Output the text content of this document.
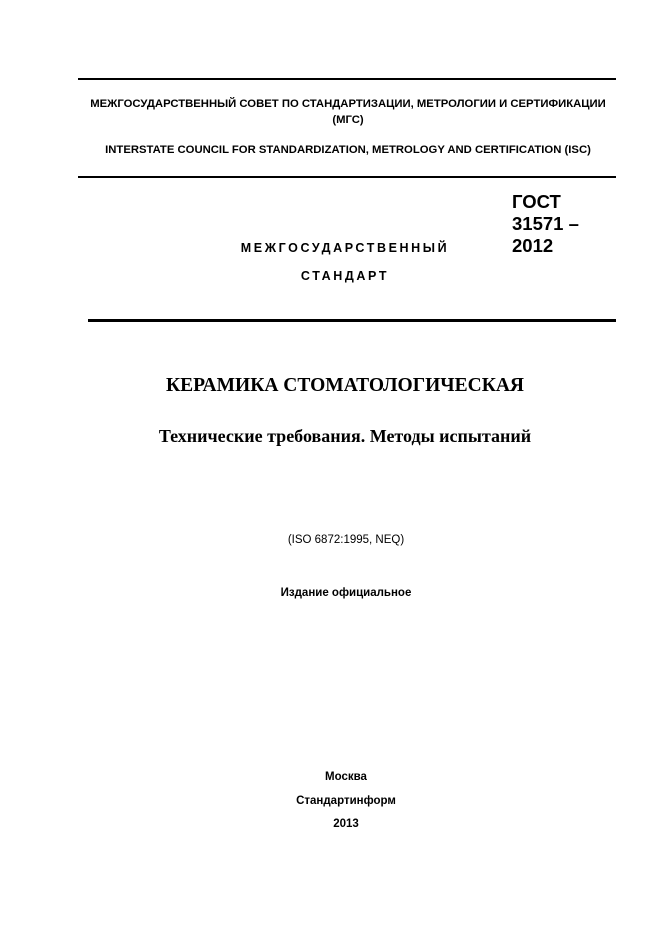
МЕЖГОСУДАРСТВЕННЫЙ СОВЕТ ПО СТАНДАРТИЗАЦИИ, МЕТРОЛОГИИ И СЕРТИФИКАЦИИ (МГС)
INTERSTATE COUNCIL FOR STANDARDIZATION, METROLOGY AND CERTIFICATION (ISC)
МЕЖГОСУДАРСТВЕННЫЙ
СТАНДАРТ
ГОСТ
31571 –
2012
КЕРАМИКА СТОМАТОЛОГИЧЕСКАЯ
Технические требования. Методы испытаний
(ISO 6872:1995, NEQ)
Издание официальное
Москва
Стандартинформ
2013
